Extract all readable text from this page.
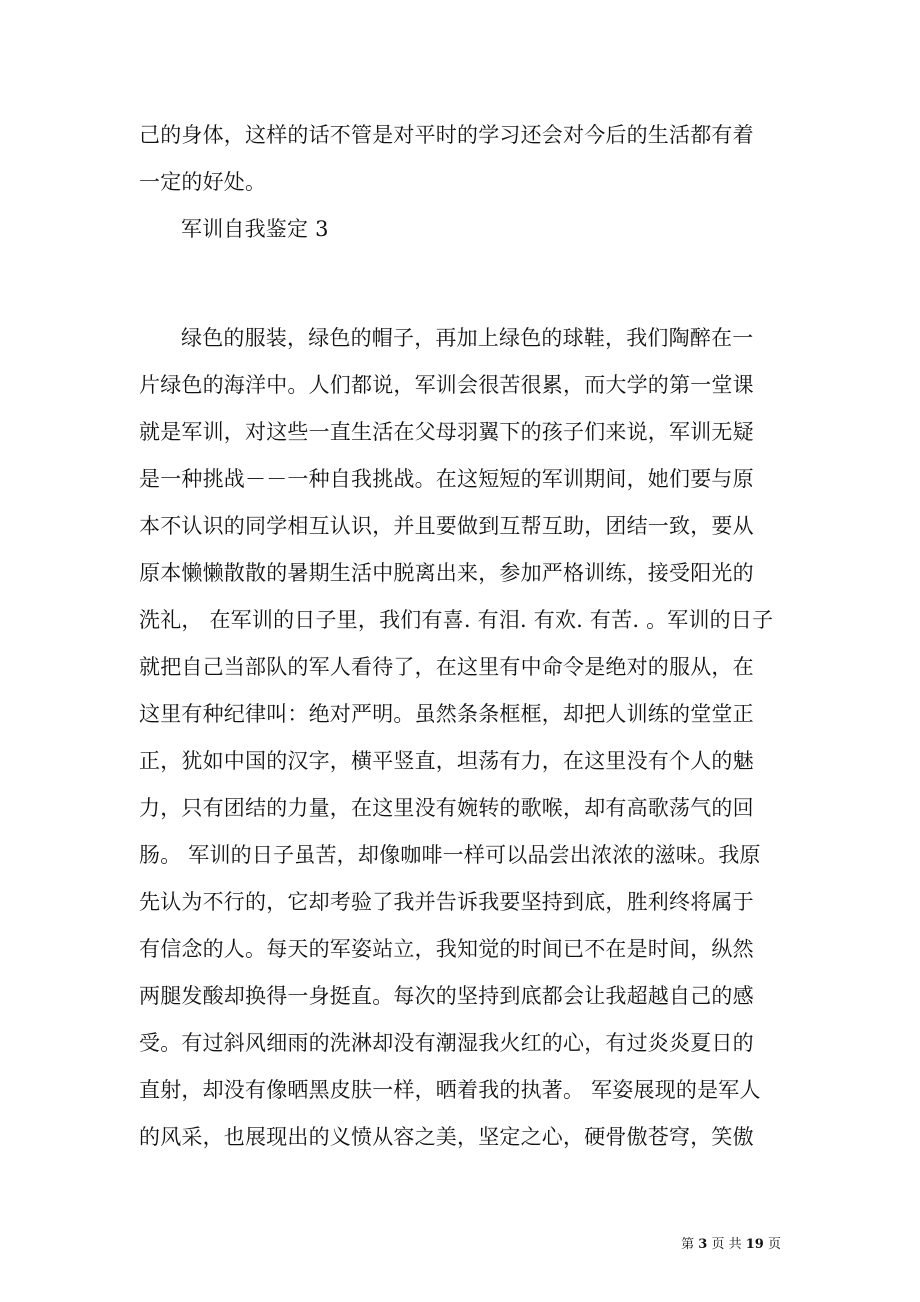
己的身体，这样的话不管是对平时的学习还会对今后的生活都有着
一定的好处。
军训自我鉴定 3
绿色的服装，绿色的帽子，再加上绿色的球鞋，我们陶醉在一
片绿色的海洋中。人们都说，军训会很苦很累，而大学的第一堂课
就是军训，对这些一直生活在父母羽翼下的孩子们来说，军训无疑
是一种挑战－－一种自我挑战。在这短短的军训期间，她们要与原
本不认识的同学相互认识，并且要做到互帮互助，团结一致，要从
原本懒懒散散的暑期生活中脱离出来，参加严格训练，接受阳光的
洗礼， 在军训的日子里，我们有喜. 有泪. 有欢. 有苦. 。军训的日子
就把自己当部队的军人看待了，在这里有中命令是绝对的服从，在
这里有种纪律叫：绝对严明。虽然条条框框，却把人训练的堂堂正
正，犹如中国的汉字，横平竖直，坦荡有力，在这里没有个人的魅
力，只有团结的力量，在这里没有婉转的歌喉，却有高歌荡气的回
肠。 军训的日子虽苦，却像咖啡一样可以品尝出浓浓的滋味。我原
先认为不行的，它却考验了我并告诉我要坚持到底，胜利终将属于
有信念的人。每天的军姿站立，我知觉的时间已不在是时间，纵然
两腿发酸却换得一身挺直。每次的坚持到底都会让我超越自己的感
受。有过斜风细雨的洗淋却没有潮湿我火红的心，有过炎炎夏日的
直射，却没有像晒黑皮肤一样，晒着我的执著。 军姿展现的是军人
的风采，也展现出的义愤从容之美，坚定之心，硬骨傲苍穹，笑傲
第 3 页 共 19 页
